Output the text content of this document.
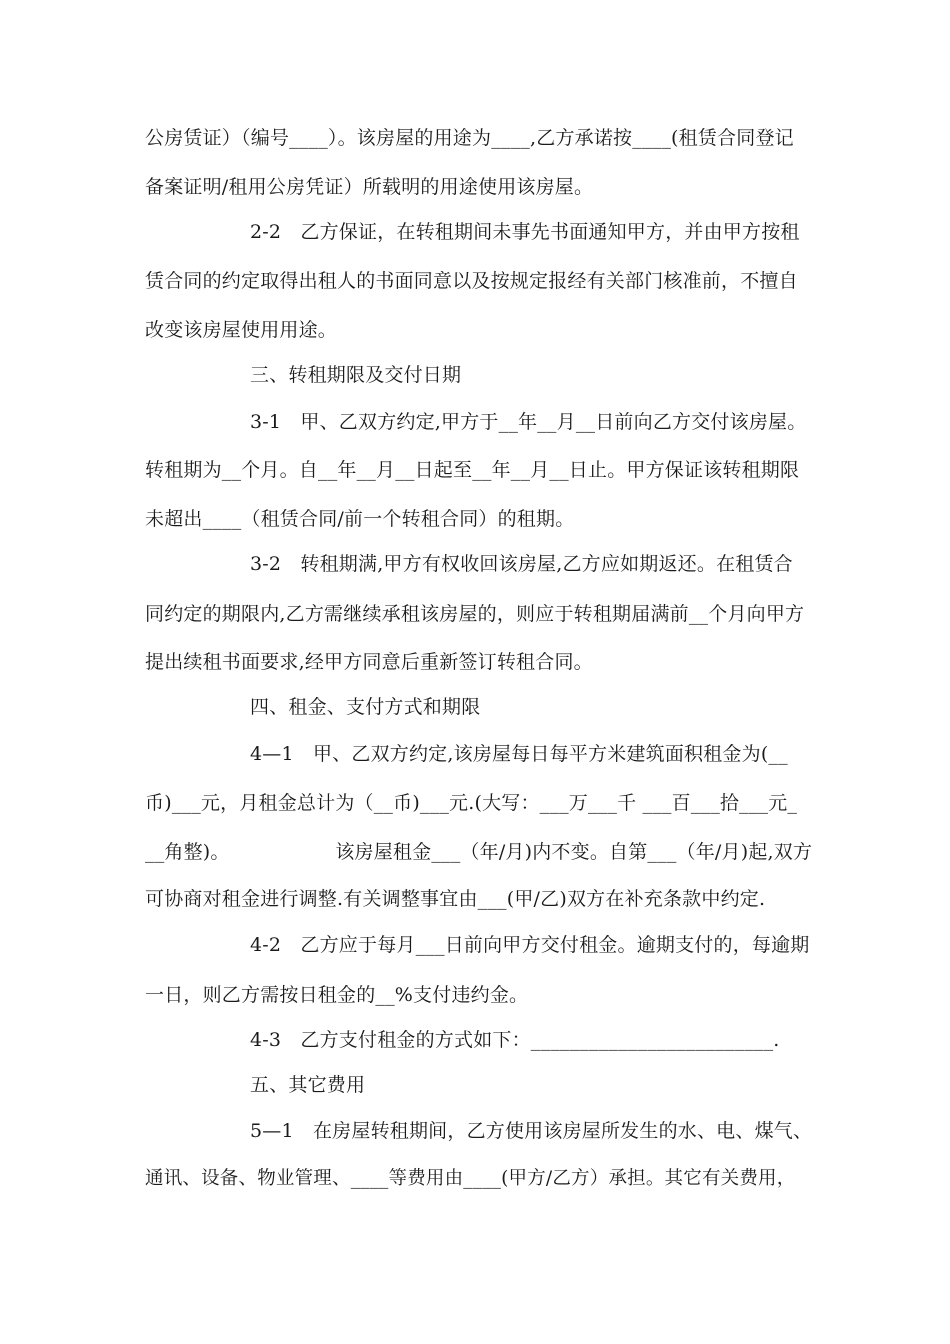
公房赁证）（编号____）。该房屋的用途为____,乙方承诺按____(租赁合同登记
备案证明/租用公房凭证）所载明的用途使用该房屋。
2-2　乙方保证，在转租期间未事先书面通知甲方，并由甲方按租
赁合同的约定取得出租人的书面同意以及按规定报经有关部门核准前，不擅自
改变该房屋使用用途。
三、转租期限及交付日期
3-1　甲、乙双方约定,甲方于__年__月__日前向乙方交付该房屋。
转租期为__个月。自__年__月__日起至__年__月__日止。甲方保证该转租期限
未超出____（租赁合同/前一个转租合同）的租期。
3-2　转租期满,甲方有权收回该房屋,乙方应如期返还。在租赁合
同约定的期限内,乙方需继续承租该房屋的，则应于转租期届满前__个月向甲方
提出续租书面要求,经甲方同意后重新签订转租合同。
四、租金、支付方式和期限
4—1　甲、乙双方约定,该房屋每日每平方米建筑面积租金为(__
币)___元，月租金总计为（__币)___元.(大写：___万___千 ___百___拾___元_
__角整)。　　　　　　该房屋租金___（年/月)内不变。自第___（年/月)起,双方
可协商对租金进行调整.有关调整事宜由___(甲/乙)双方在补充条款中约定.
4-2　乙方应于每月___日前向甲方交付租金。逾期支付的，每逾期
一日，则乙方需按日租金的__%支付违约金。
4-3　乙方支付租金的方式如下：_________________________.
五、其它费用
5—1　在房屋转租期间，乙方使用该房屋所发生的水、电、煤气、
通讯、设备、物业管理、____等费用由____(甲方/乙方）承担。其它有关费用，
